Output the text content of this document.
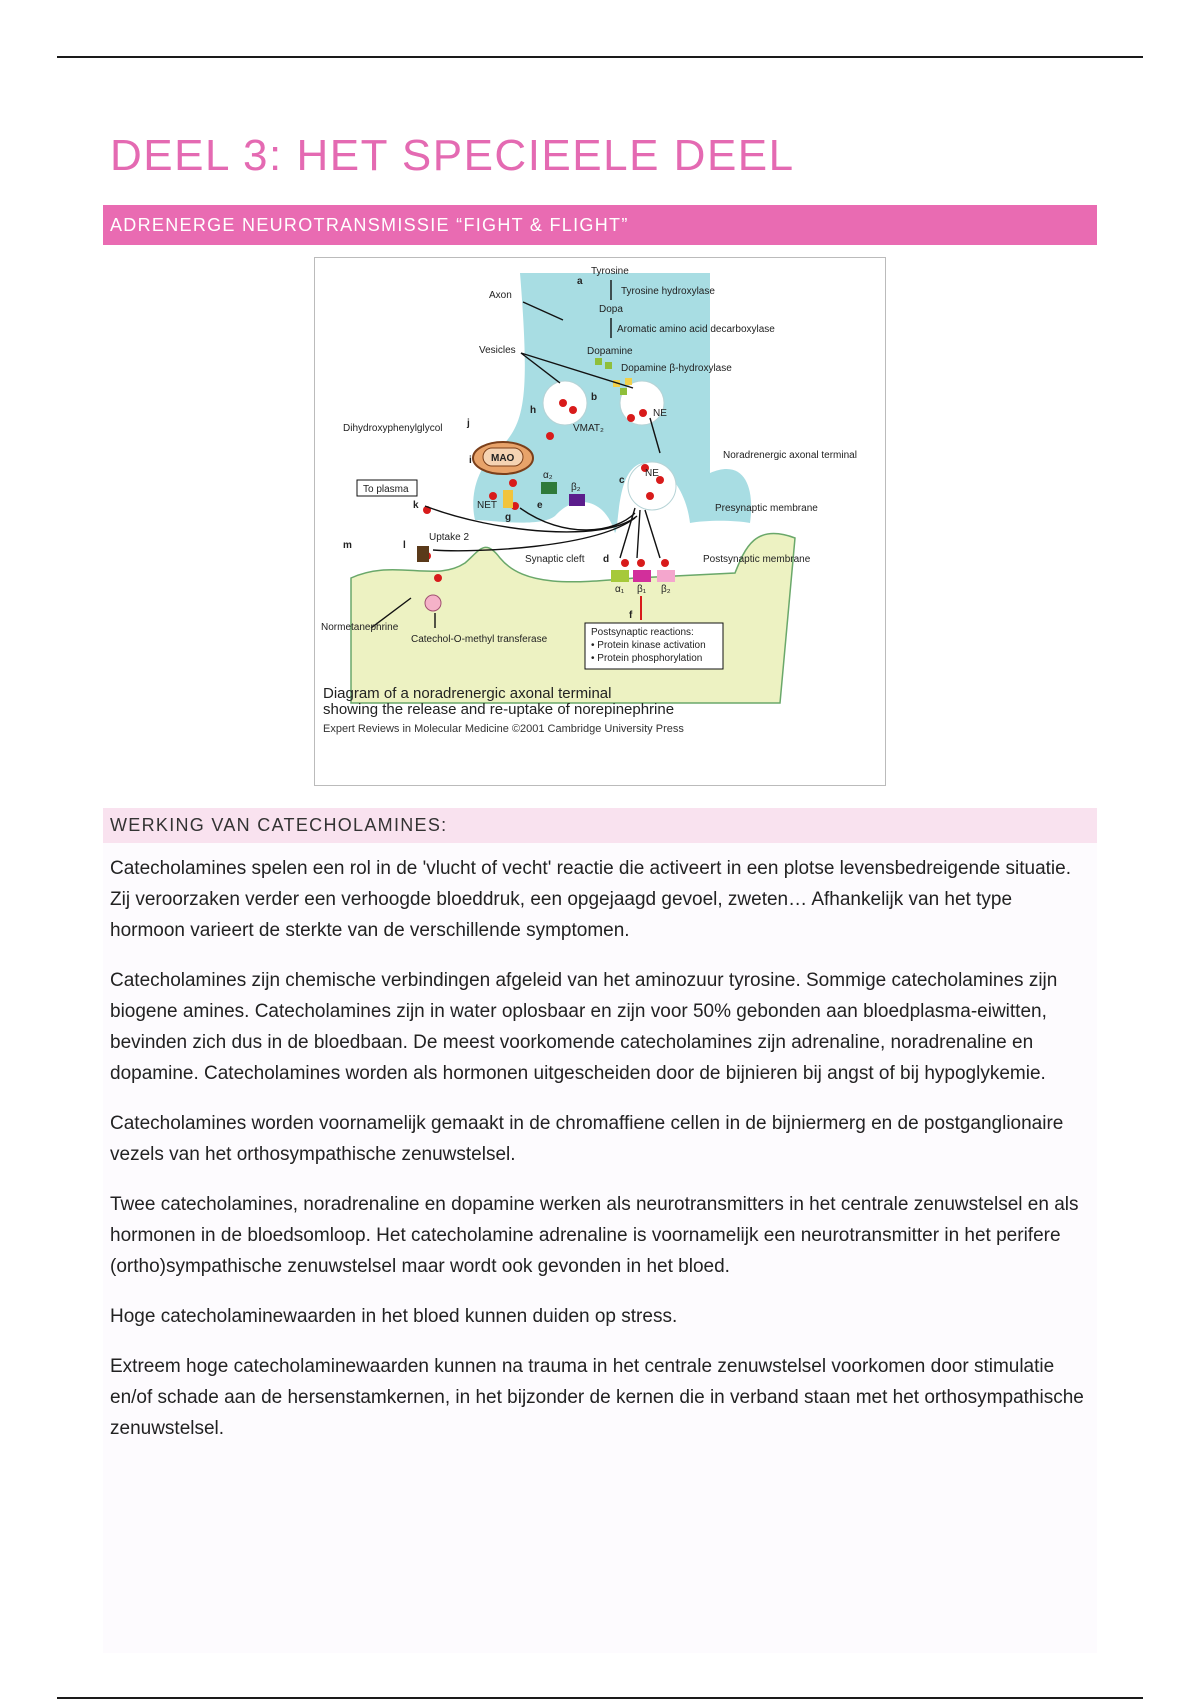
DEEL 3: HET SPECIEELE DEEL
ADRENERGE NEUROTRANSMISSIE “FIGHT & FLIGHT”
Tyrosine
Tyrosine hydroxylase
Axon
Dopa
Aromatic amino acid decarboxylase
Vesicles	Dopamine
Dopamine β-hydroxylase
NE
Dihydroxyphenylglycol	VMAT₂
MAO
NE
Noradrenergic axonal terminal
To plasma
NET	Presynaptic membrane
Uptake 2
Synaptic cleft	Postsynaptic membrane
α₁ β₁ β₂
α₂
β₂
Normetanephrine
Catechol-O-methyl transferase
Postsynaptic reactions:
• Protein kinase activation
• Protein phosphorylation
a
b
c
d
e
f
g
h
i
j
k
l
m
Diagram of a noradrenergic axonal terminal
showing the release and re-uptake of norepinephrine
Expert Reviews in Molecular Medicine ©2001 Cambridge University Press
WERKING VAN CATECHOLAMINES:

Catecholamines spelen een rol in de 'vlucht of vecht' reactie die activeert in een plotse levensbedreigende situatie. Zij veroorzaken verder een verhoogde bloeddruk, een opgejaagd gevoel, zweten… Afhankelijk van het type hormoon varieert de sterkte van de verschillende symptomen.

Catecholamines zijn chemische verbindingen afgeleid van het aminozuur tyrosine. Sommige catecholamines zijn biogene amines. Catecholamines zijn in water oplosbaar en zijn voor 50% gebonden aan bloedplasma-eiwitten, bevinden zich dus in de bloedbaan. De meest voorkomende catecholamines zijn adrenaline, noradrenaline en dopamine. Catecholamines worden als hormonen uitgescheiden door de bijnieren bij angst of bij hypoglykemie.

Catecholamines worden voornamelijk gemaakt in de chromaffiene cellen in de bijniermerg en de postganglionaire vezels van het orthosympathische zenuwstelsel.

Twee catecholamines, noradrenaline en dopamine werken als neurotransmitters in het centrale zenuwstelsel en als hormonen in de bloedsomloop. Het catecholamine adrenaline is voornamelijk een neurotransmitter in het perifere (ortho)sympathische zenuwstelsel maar wordt ook gevonden in het bloed.

Hoge catecholaminewaarden in het bloed kunnen duiden op stress.

Extreem hoge catecholaminewaarden kunnen na trauma in het centrale zenuwstelsel voorkomen door stimulatie en/of schade aan de hersenstamkernen, in het bijzonder de kernen die in verband staan met het orthosympathische zenuwstelsel.
